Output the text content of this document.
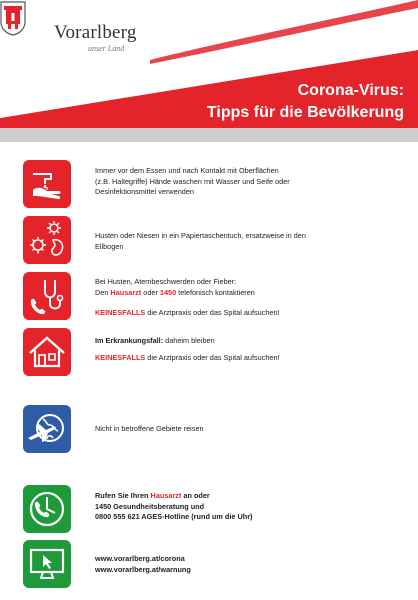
Vorarlberg
unser Land
Corona-Virus:
Tipps für die Bevölkerung

Immer vor dem Essen und nach Kontakt mit Oberflächen

(z.B. Haltegriffe) Hände waschen mit Wasser und Seife oder

Desinfektionsmittel verwenden

Husten oder Niesen in ein Papiertaschentuch, ersatzweise in den

Ellbogen

Bei Husten, Atembeschwerden oder Fieber:

Den Hausarzt oder 1450 telefonisch kontaktieren

KEINESFALLS die Arztpraxis oder das Spital aufsuchen!

Im Erkrankungsfall: daheim bleiben

KEINESFALLS die Arztpraxis oder das Spital aufsuchen!

Nicht in betroffene Gebiete reisen

Rufen Sie Ihren Hausarzt an oder

1450 Gesundheitsberatung und

0800 555 621 AGES-Hotline (rund um die Uhr)

www.vorarlberg.at/corona

www.vorarlberg.at/warnung
